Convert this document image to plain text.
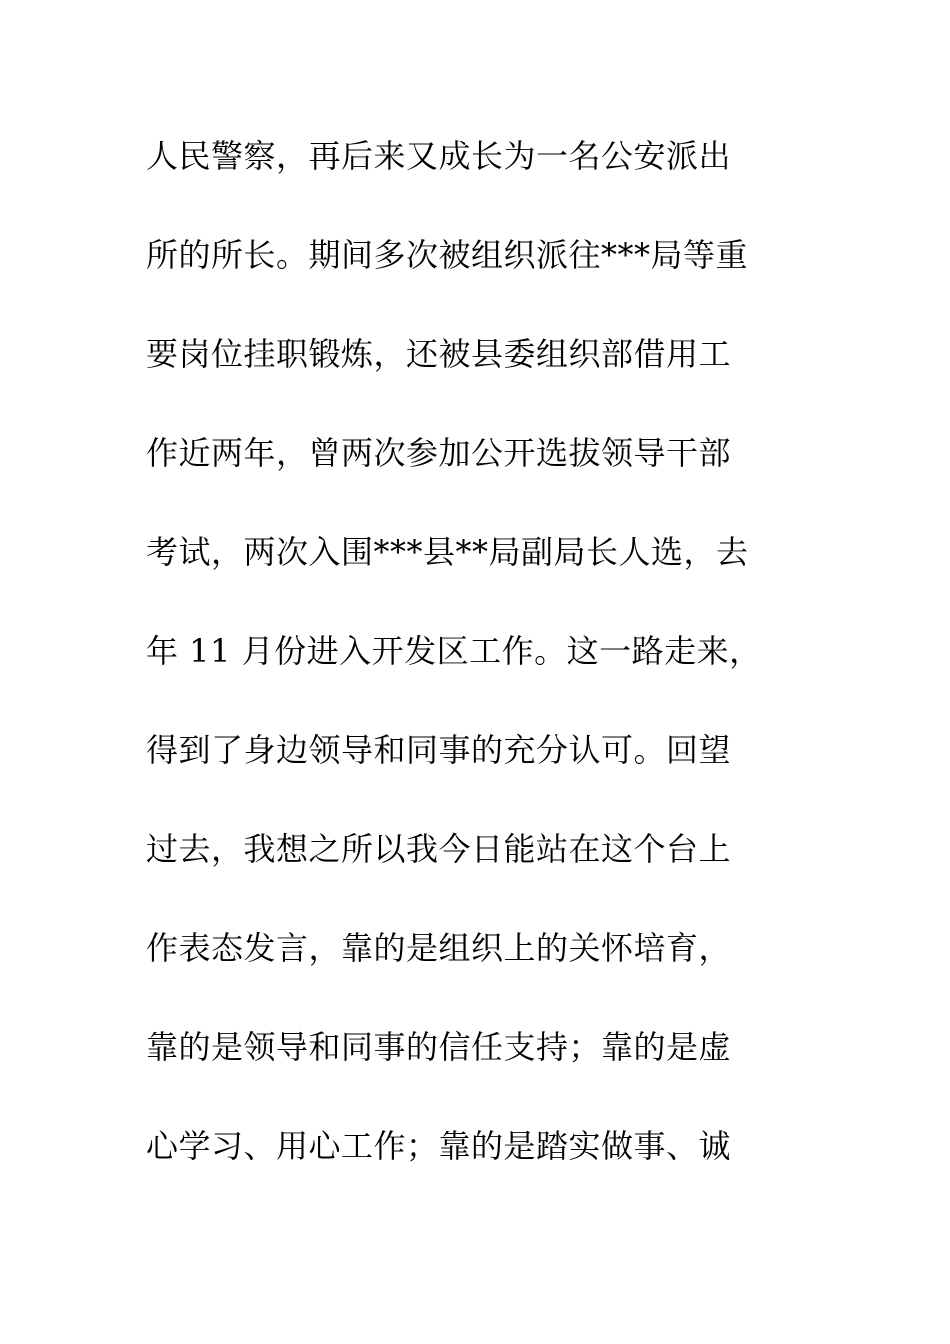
人民警察，再后来又成长为一名公安派出
所的所长。期间多次被组织派往***局等重
要岗位挂职锻炼，还被县委组织部借用工
作近两年，曾两次参加公开选拔领导干部
考试，两次入围***县**局副局长人选，去
年 11 月份进入开发区工作。这一路走来，
得到了身边领导和同事的充分认可。回望
过去，我想之所以我今日能站在这个台上
作表态发言，靠的是组织上的关怀培育，
靠的是领导和同事的信任支持；靠的是虚
心学习、用心工作；靠的是踏实做事、诚
